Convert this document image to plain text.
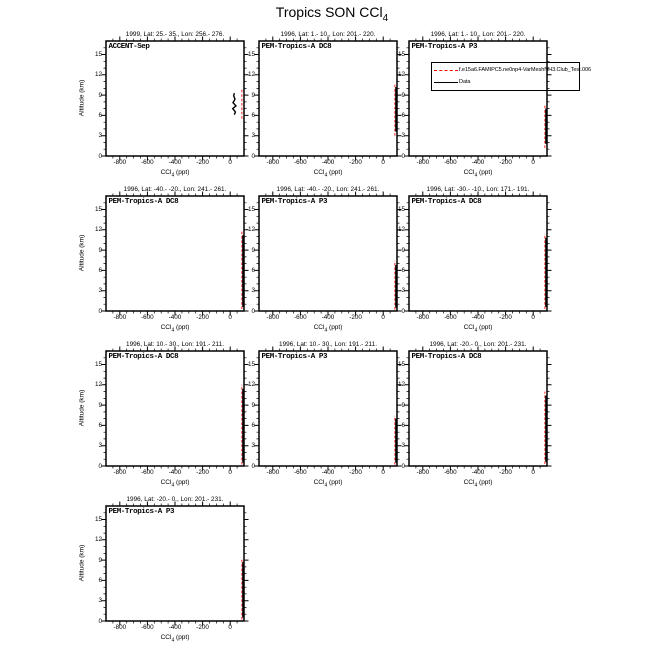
Tropics SON CCl$_4$
f.e15a6.FAMIPC5.ne0np4-VarMeshNH3.Club_Test.006
Data
1999, Lat: 25.- 35., Lon: 256.- 276.
ACCENT-Sep
-800	-600	-400	-200	0
0
3
6
9
12
15
CCl$_4$ (ppt)
Altitude (km)
1996, Lat: 1.- 10., Lon: 201.- 220.
PEM-Tropics-A DC8
-800	-600	-400	-200	0
0
3
6
9
12
15
CCl$_4$ (ppt)
1996, Lat: 1.- 10., Lon: 201.- 220.
PEM-Tropics-A P3
-800	-600	-400	-200	0
0
3
6
9
12
15
CCl$_4$ (ppt)
1996, Lat: -40.- -20., Lon: 241.- 261.
PEM-Tropics-A DC8
-800	-600	-400	-200	0
0
3
6
9
12
15
CCl$_4$ (ppt)
Altitude (km)
1996, Lat: -40.- -20., Lon: 241.- 261.
PEM-Tropics-A P3
-800	-600	-400	-200	0
0
3
6
9
12
15
CCl$_4$ (ppt)
1996, Lat: -30.- -10., Lon: 171.- 191.
PEM-Tropics-A DC8
-800	-600	-400	-200	0
0
3
6
9
12
15
CCl$_4$ (ppt)
1996, Lat: 10.- 30., Lon: 191.- 211.
PEM-Tropics-A DC8
-800	-600	-400	-200	0
0
3
6
9
12
15
CCl$_4$ (ppt)
Altitude (km)
1996, Lat: 10.- 30., Lon: 191.- 211.
PEM-Tropics-A P3
-800	-600	-400	-200	0
0
3
6
9
12
15
CCl$_4$ (ppt)
1996, Lat: -20.- 0., Lon: 201.- 231.
PEM-Tropics-A DC8
-800	-600	-400	-200	0
0
3
6
9
12
15
CCl$_4$ (ppt)
1996, Lat: -20.- 0., Lon: 201.- 231.
PEM-Tropics-A P3
-800	-600	-400	-200	0
0
3
6
9
12
15
CCl$_4$ (ppt)
Altitude (km)
